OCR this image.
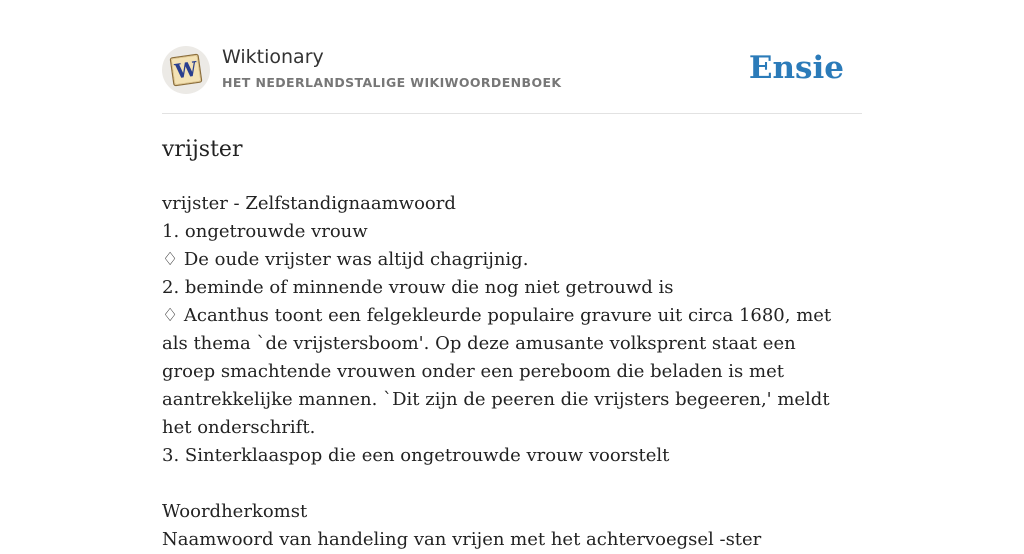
W Wiktionary
HET NEDERLANDSTALIGE WIKIWOORDENBOEK	Ensie
vrijster

vrijster - Zelfstandignaamwoord

1. ongetrouwde vrouw

♢ De oude vrijster was altijd chagrijnig.

2. beminde of minnende vrouw die nog niet getrouwd is

♢ Acanthus toont een felgekleurde populaire gravure uit circa 1680, met als thema `de vrijstersboom'. Op deze amusante volksprent staat een groep smachtende vrouwen onder een pereboom die beladen is met aantrekkelijke mannen. `Dit zijn de peeren die vrijsters begeeren,' meldt het onderschrift.

3. Sinterklaaspop die een ongetrouwde vrouw voorstelt

Woordherkomst

Naamwoord van handeling van vrijen met het achtervoegsel -ster
